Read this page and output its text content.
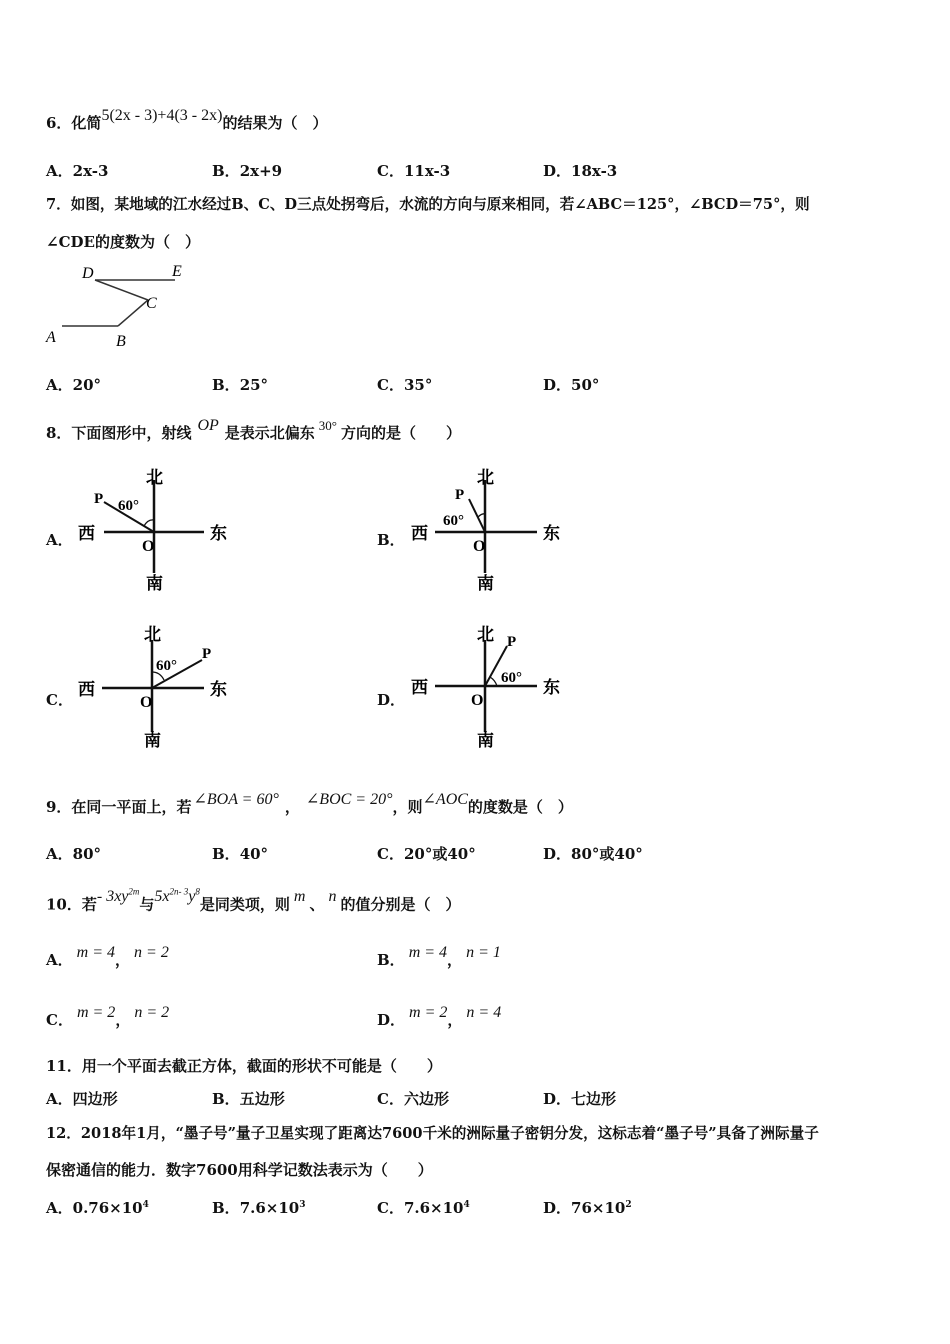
6．化简5(2x - 3)+4(3 - 2x)的结果为（　）
A．2x-3	B．2x+9	C．11x-3	D．18x-3
7．如图，某地域的江水经过B、C、D三点处拐弯后，水流的方向与原来相同，若∠ABC＝125°，∠BCD＝75°，则
∠CDE的度数为（　）
D	E
C
A	B
A．20°	B．25°	C．35°	D．50°
8．下面图形中，射线 OP 是表示北偏东 30° 方向的是（　　）
A．
北
西	东
南
O
P 60°
B．
北
西	东
南
O
P
60°
C．
北
西	东
南
O
P
60°
D．
北
西	东
南
O
P
60°
9．在同一平面上，若 ∠BOA = 60° ， ∠BOC = 20°，则∠AOC的度数是（　）
A．80°	B．40°	C．20°或40°	D．80°或40°
10．若- $3xy^{2m}$与$5x^{2n- 3}y^8$是同类项，则 m 、 n 的值分别是（　）
A． m = 4， n = 2	B． m = 4， n = 1
C． m = 2， n = 2	D． m = 2， n = 4
11．用一个平面去截正方体，截面的形状不可能是（　　）
A．四边形	B．五边形	C．六边形	D．七边形
12．2018年1月，“墨子号”量子卫星实现了距离达7600千米的洲际量子密钥分发，这标志着“墨子号”具备了洲际量子
保密通信的能力．数字7600用科学记数法表示为（　　）
A．$0.76\times 10^4$	B．$7.6\times 10^3$	C．$7.6\times 10^4$	D．$76\times 10^2$
